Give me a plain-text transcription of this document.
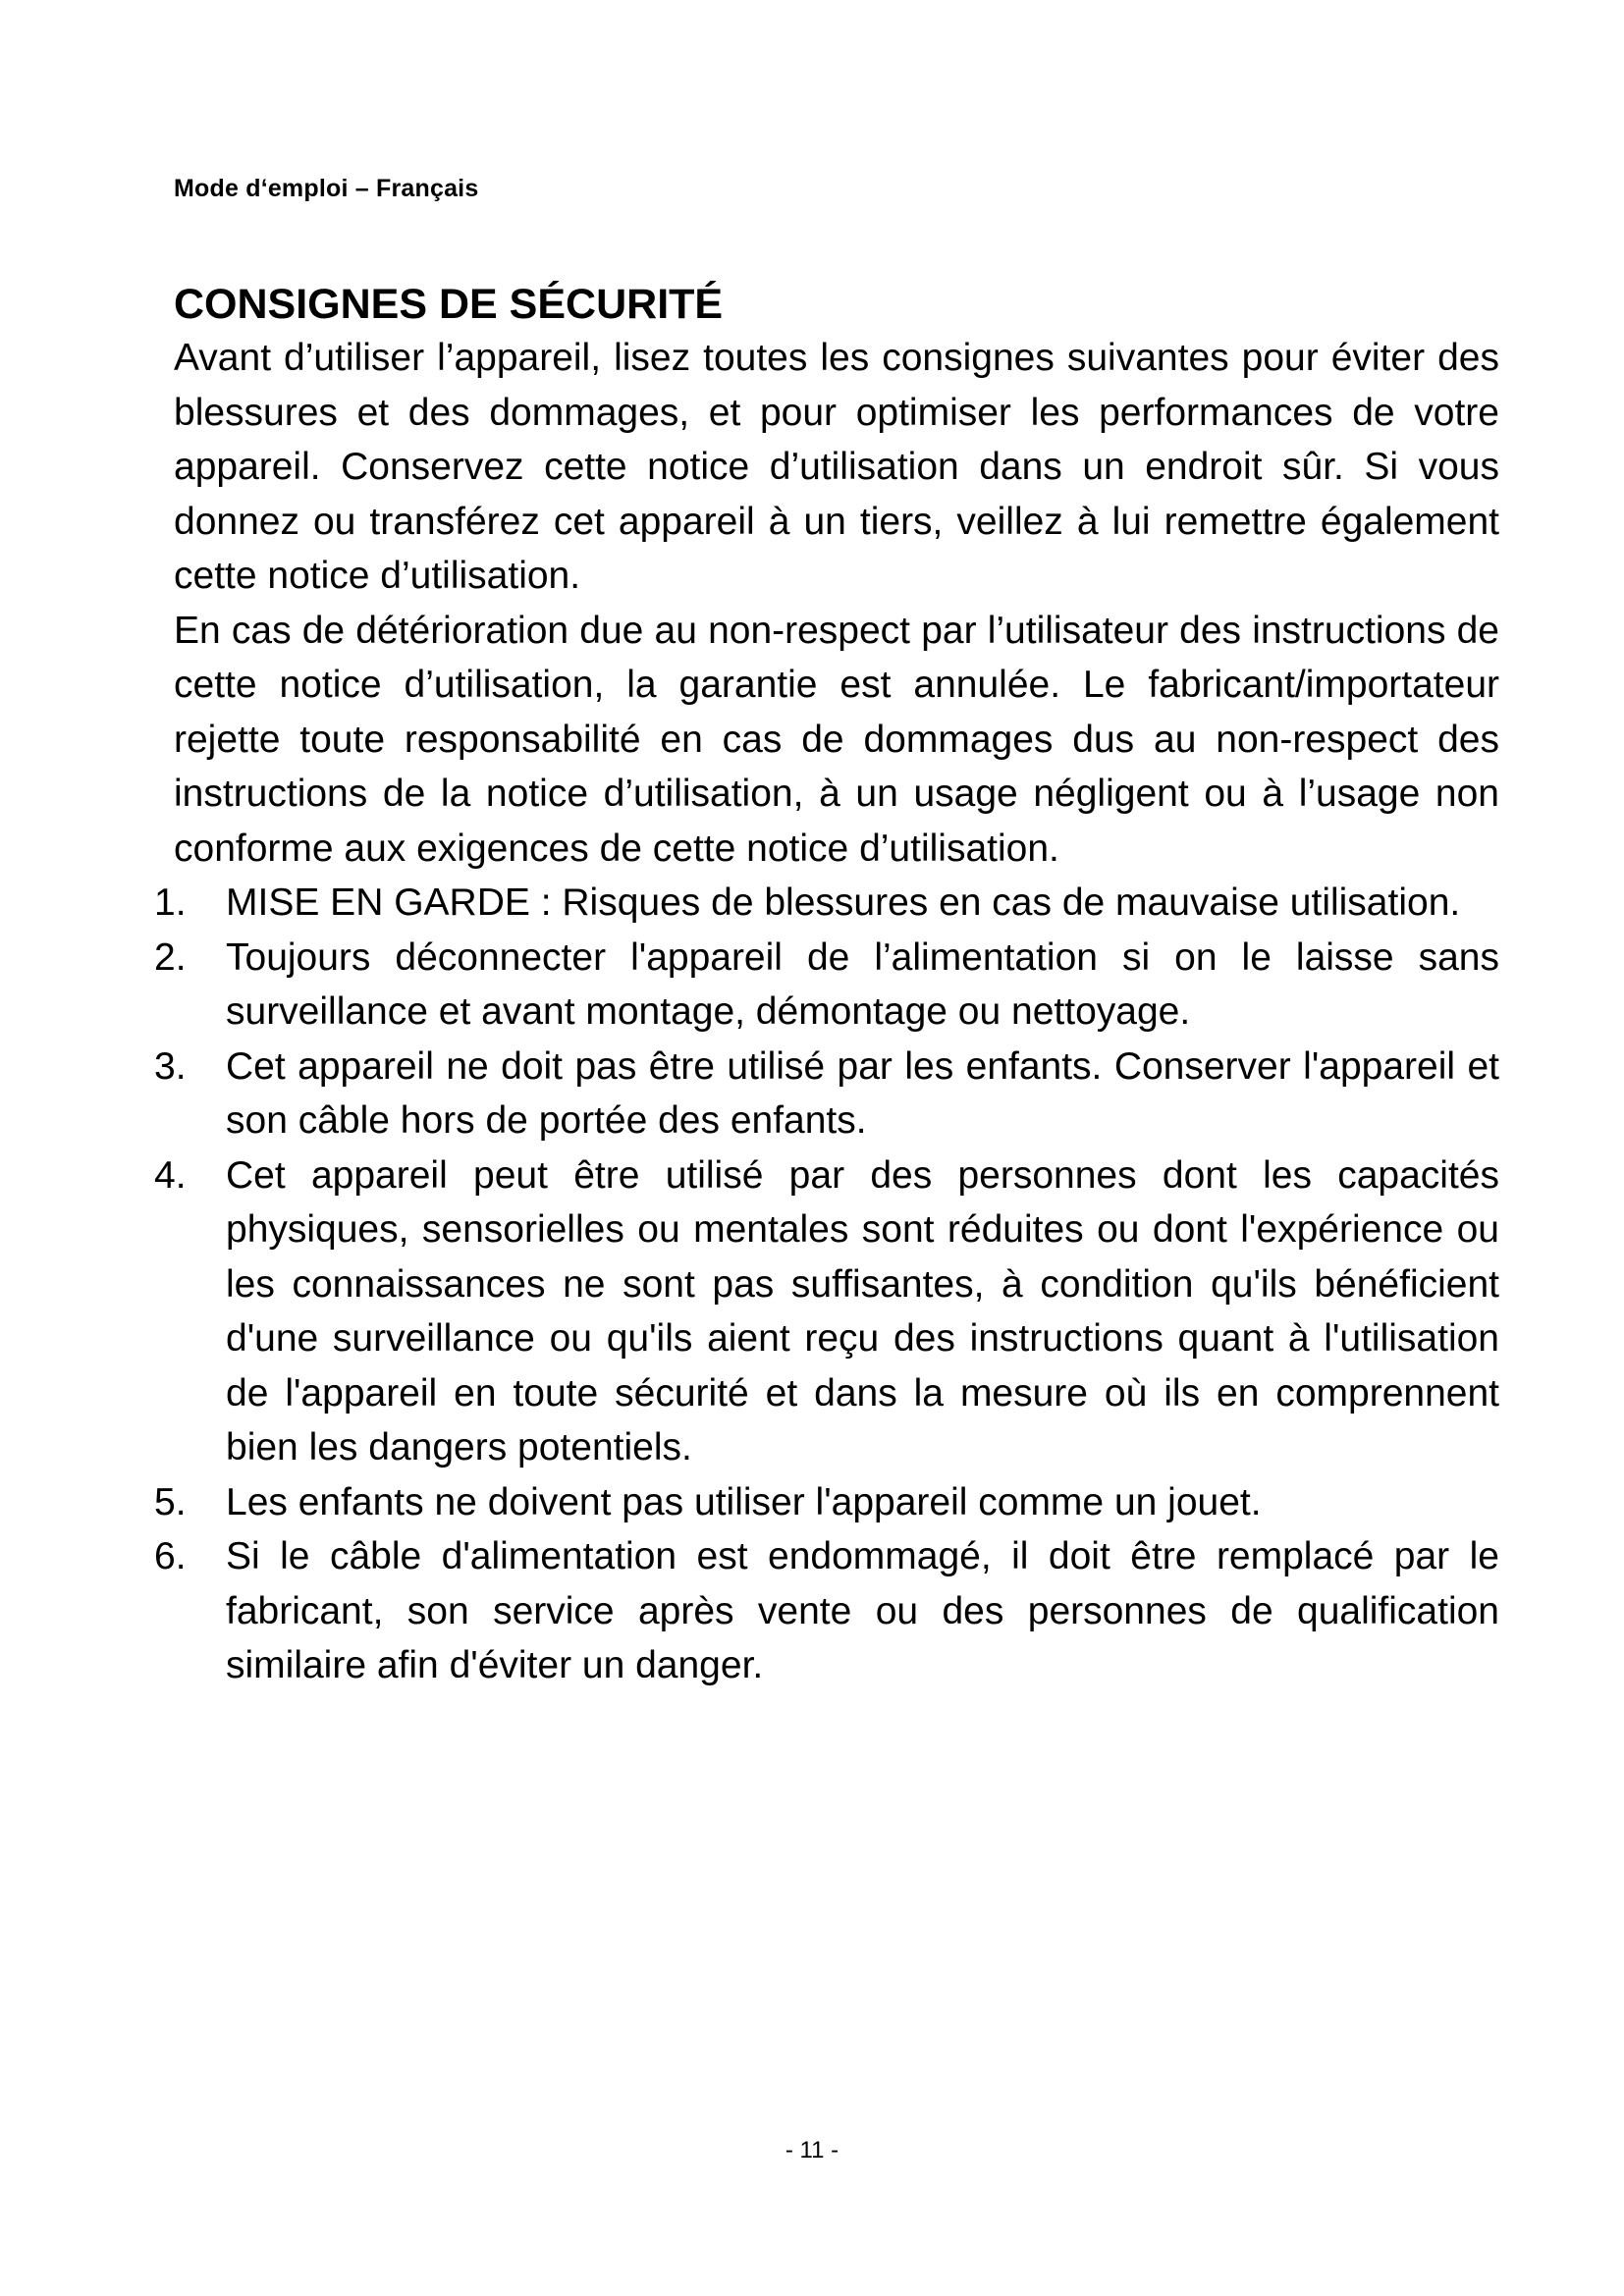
Mode d‘emploi – Français
CONSIGNES DE SÉCURITÉ

Avant d’utiliser l’appareil, lisez toutes les consignes suivantes pour éviter des blessures et des dommages, et pour optimiser les performances de votre appareil. Conservez cette notice d’utilisation dans un endroit sûr. Si vous donnez ou transférez cet appareil à un tiers, veillez à lui remettre également cette notice d’utilisation.

En cas de détérioration due au non-respect par l’utilisateur des instructions de cette notice d’utilisation, la garantie est annulée. Le fabricant/importateur rejette toute responsabilité en cas de dommages dus au non-respect des instructions de la notice d’utilisation, à un usage négligent ou à l’usage non conforme aux exigences de cette notice d’utilisation.

1.	MISE EN GARDE : Risques de blessures en cas de mauvaise utilisation.
2.	Toujours déconnecter l'appareil de l’alimentation si on le laisse sans surveillance et avant montage, démontage ou nettoyage.
3.	Cet appareil ne doit pas être utilisé par les enfants. Conserver l'appareil et son câble hors de portée des enfants.
4.	Cet appareil peut être utilisé par des personnes dont les capacités physiques, sensorielles ou mentales sont réduites ou dont l'expérience ou les connaissances ne sont pas suffisantes, à condition qu'ils bénéficient d'une surveillance ou qu'ils aient reçu des instructions quant à l'utilisation de l'appareil en toute sécurité et dans la mesure où ils en comprennent bien les dangers potentiels.
5.	Les enfants ne doivent pas utiliser l'appareil comme un jouet.
6.	Si le câble d'alimentation est endommagé, il doit être remplacé par le fabricant, son service après vente ou des personnes de qualification similaire afin d'éviter un danger.
- 11 -
